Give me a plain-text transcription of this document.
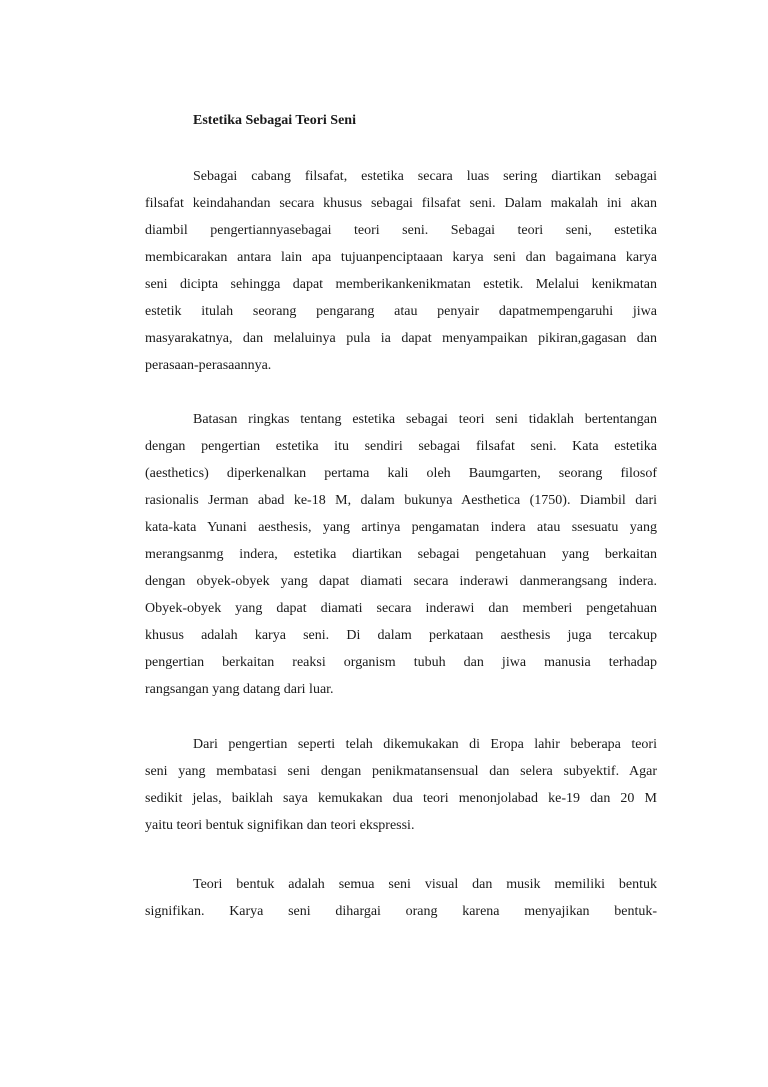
Estetika Sebagai Teori Seni
Sebagai cabang filsafat, estetika secara luas sering diartikan sebagai
filsafat keindahandan secara khusus sebagai filsafat seni. Dalam makalah ini akan
diambil pengertiannyasebagai teori seni. Sebagai teori seni, estetika
membicarakan antara lain apa tujuanpenciptaaan karya seni dan bagaimana karya
seni dicipta sehingga dapat memberikankenikmatan estetik. Melalui kenikmatan
estetik itulah seorang pengarang atau penyair dapatmempengaruhi jiwa
masyarakatnya, dan melaluinya pula ia dapat menyampaikan pikiran,gagasan dan
perasaan-perasaannya.
Batasan ringkas tentang estetika sebagai teori seni tidaklah bertentangan
dengan pengertian estetika itu sendiri sebagai filsafat seni. Kata estetika
(aesthetics) diperkenalkan pertama kali oleh Baumgarten, seorang filosof
rasionalis Jerman abad ke-18 M, dalam bukunya Aesthetica (1750). Diambil dari
kata-kata Yunani aesthesis, yang artinya pengamatan indera atau ssesuatu yang
merangsanmg indera, estetika diartikan sebagai pengetahuan yang berkaitan
dengan obyek-obyek yang dapat diamati secara inderawi danmerangsang indera.
Obyek-obyek yang dapat diamati secara inderawi dan memberi pengetahuan
khusus adalah karya seni. Di dalam perkataan aesthesis juga tercakup
pengertian berkaitan reaksi organism tubuh dan jiwa manusia terhadap
rangsangan yang datang dari luar.
Dari pengertian seperti telah dikemukakan di Eropa lahir beberapa teori
seni yang membatasi seni dengan penikmatansensual dan selera subyektif. Agar
sedikit jelas, baiklah saya kemukakan dua teori menonjolabad ke-19 dan 20 M
yaitu teori bentuk signifikan dan teori ekspressi.
Teori bentuk adalah semua seni visual dan musik memiliki bentuk
signifikan. Karya seni dihargai orang karena menyajikan bentuk-
